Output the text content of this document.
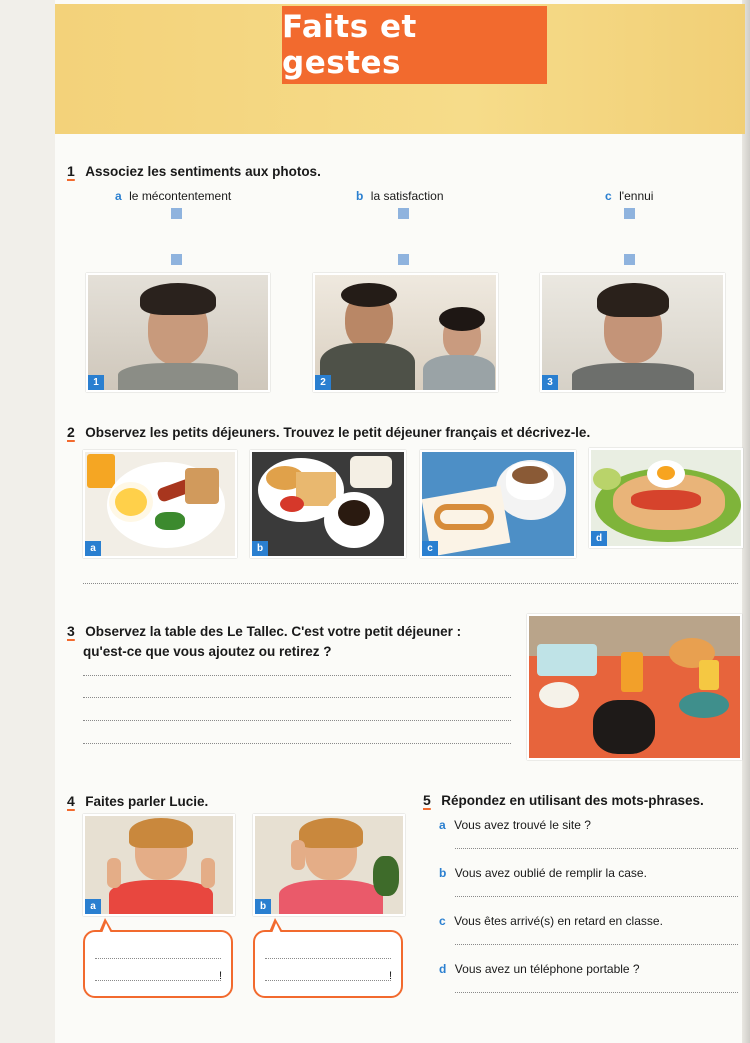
Faits et gestes
1 Associez les sentiments aux photos.
a le mécontentement	b la satisfaction	c l'ennui
1	2	3
2 Observez les petits déjeuners. Trouvez le petit déjeuner français et décrivez-le.
a	b	c
d
3 Observez la table des Le Tallec. C'est votre petit déjeuner :
qu'est-ce que vous ajoutez ou retirez ?
4 Faites parler Lucie.
a	b
!	!
5 Répondez en utilisant des mots-phrases.
a Vous avez trouvé le site ?
b Vous avez oublié de remplir la case.
c Vous êtes arrivé(s) en retard en classe.
d Vous avez un téléphone portable ?
